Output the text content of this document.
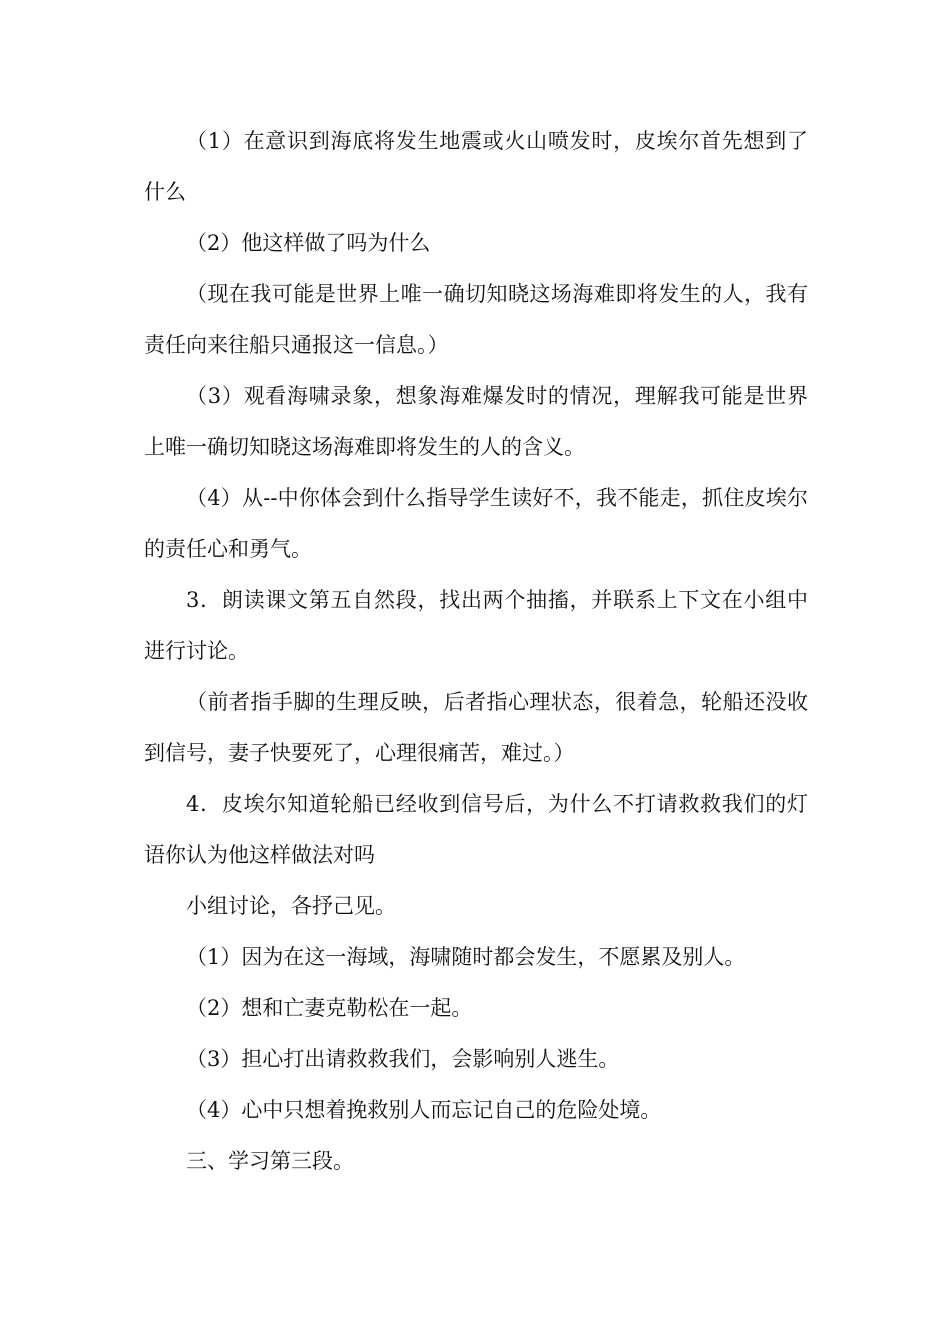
（1）在意识到海底将发生地震或火山喷发时，皮埃尔首先想到了什么

（2）他这样做了吗为什么

（现在我可能是世界上唯一确切知晓这场海难即将发生的人，我有责任向来往船只通报这一信息。）

（3）观看海啸录象，想象海难爆发时的情况，理解我可能是世界上唯一确切知晓这场海难即将发生的人的含义。

（4）从--中你体会到什么指导学生读好不，我不能走，抓住皮埃尔的责任心和勇气。

3．朗读课文第五自然段，找出两个抽搐，并联系上下文在小组中进行讨论。

（前者指手脚的生理反映，后者指心理状态，很着急，轮船还没收到信号，妻子快要死了，心理很痛苦，难过。）

4．皮埃尔知道轮船已经收到信号后，为什么不打请救救我们的灯语你认为他这样做法对吗

小组讨论，各抒己见。

（1）因为在这一海域，海啸随时都会发生，不愿累及别人。

（2）想和亡妻克勒松在一起。

（3）担心打出请救救我们，会影响别人逃生。

（4）心中只想着挽救别人而忘记自己的危险处境。

三、学习第三段。
